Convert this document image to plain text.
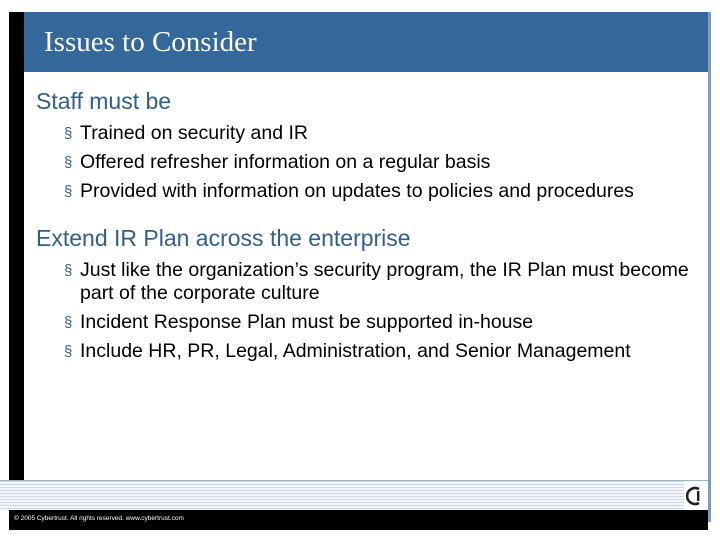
Issues to Consider
Staff must be
§ Trained on security and IR
§ Offered refresher information on a regular basis
§ Provided with information on updates to policies and procedures
Extend IR Plan across the enterprise
§ Just like the organization’s security program, the IR Plan must become part of the corporate culture
§ Incident Response Plan must be supported in-house
§ Include HR, PR, Legal, Administration, and Senior Management
© 2005 Cybertrust. All rights reserved. www.cybertrust.com
